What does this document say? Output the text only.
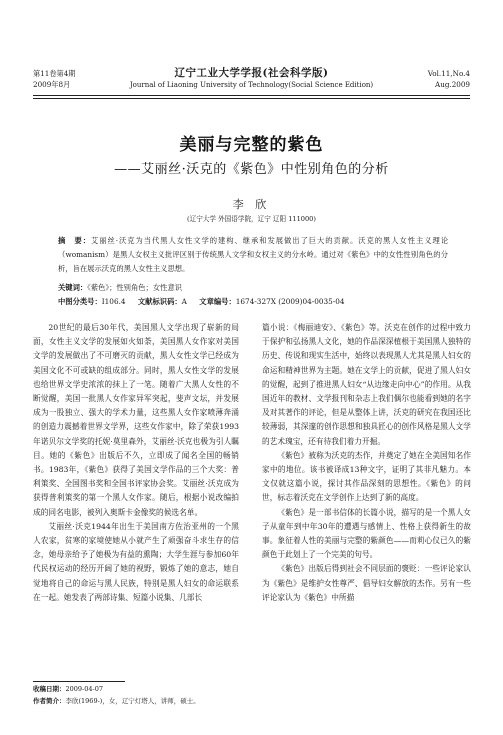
第11卷第4期
2009年8月
辽宁工业大学学报(社会科学版)
Journal of Liaoning University of Technology(Social Science Edition)
Vol.11,No.4
Aug.2009
美丽与完整的紫色
——艾丽丝·沃克的《紫色》中性别角色的分析
李 欣
(辽宁大学 外国语学院，辽宁 辽阳 111000)
摘　要：艾丽丝·沃克为当代黑人女性文学的建构、继承和发展做出了巨大的贡献。沃克的黑人女性主义理论（womanism）是黑人女权主义批评区别于传统黑人文学和女权主义的分水岭。通过对《紫色》中的女性性别角色的分析，旨在展示沃克的黑人女性主义思想。
关键词：《紫色》；性别角色；女性意识
中图分类号：I106.4 文献标识码：A 文章编号：1674-327X (2009)04-0035-04

20世纪的最后30年代，美国黑人文学出现了崭新的局面，女性主义文学的发展如火如荼，美国黑人女作家对美国文学的发展做出了不可磨灭的贡献，黑人女性文学已经成为美国文化不可或缺的组成部分。同时，黑人女性文学的发展也给世界文学史浓浓的抹上了一笔。随着广大黑人女性的不断觉醒，美国一批黑人女作家异军突起，斐声文坛，并发展成为一股独立、强大的学术力量，这些黑人女作家喷薄奔涌的创造力震撼着世界文学界，这些女作家中，除了荣获1993年诺贝尔文学奖的托妮·莫里森外，艾丽丝·沃克也极为引人瞩目。她的《紫色》出版后不久，立即成了闻名全国的畅销书。1983年，《紫色》获得了美国文学作品的三个大奖：普利策奖、全国图书奖和全国书评家协会奖。艾丽丝·沃克成为获得普利策奖的第一个黑人女作家。随后，根据小说改编拍成的同名电影，被列入奥斯卡金像奖的候选名单。

艾丽丝·沃克1944年出生于美国南方佐治亚州的一个黑人农家，贫寒的家境使她从小就产生了顽强奋斗求生存的信念，她母亲给予了她极为有益的熏陶；大学生涯与参加60年代民权运动的经历开阔了她的视野，锻炼了她的意志，她自觉地将自己的命运与黑人民族，特别是黑人妇女的命运联系在一起。她发表了两部诗集、短篇小说集、几部长

篇小说：《梅丽迪安》、《紫色》等。沃克在创作的过程中致力于保护和弘扬黑人文化，她的作品深深植根于美国黑人独特的历史、传说和现实生活中，始终以表现黑人尤其是黑人妇女的命运和精神世界为主题。她在文学上的贡献，促进了黑人妇女的觉醒，起到了推进黑人妇女“从边缘走向中心”的作用。从我国近年的教材、文学报刊和杂志上我们偶尔也能看到她的名字及对其著作的评论，但是从整体上讲，沃克的研究在我国还比较薄弱，其深邃的创作思想和独具匠心的创作风格是黑人文学的艺术瑰宝，还有待我们着力开掘。

《紫色》被称为沃克的杰作，并奠定了她在全美国知名作家中的地位。该书被译成13种文字，证明了其非凡魅力。本文仅就这篇小说，探讨其作品深刻的思想性。《紫色》的问世，标志着沃克在文学创作上达到了新的高度。

《紫色》是一部书信体的长篇小说，描写的是一个黑人女子从童年到中年30年的遭遇与感情上、性格上获得新生的故事。象征着人性的美丽与完整的紫颜色——而莉心仪已久的紫颜色于此划上了一个完美的句号。

《紫色》出版后得到社会不同层面的褒贬：一些评论家认为《紫色》是维护女性尊严、倡导妇女解放的杰作。另有一些评论家认为《紫色》中所描

收稿日期：2009-04-07
作者简介：李欣(1969-)，女，辽宁灯塔人，讲师，硕士。
